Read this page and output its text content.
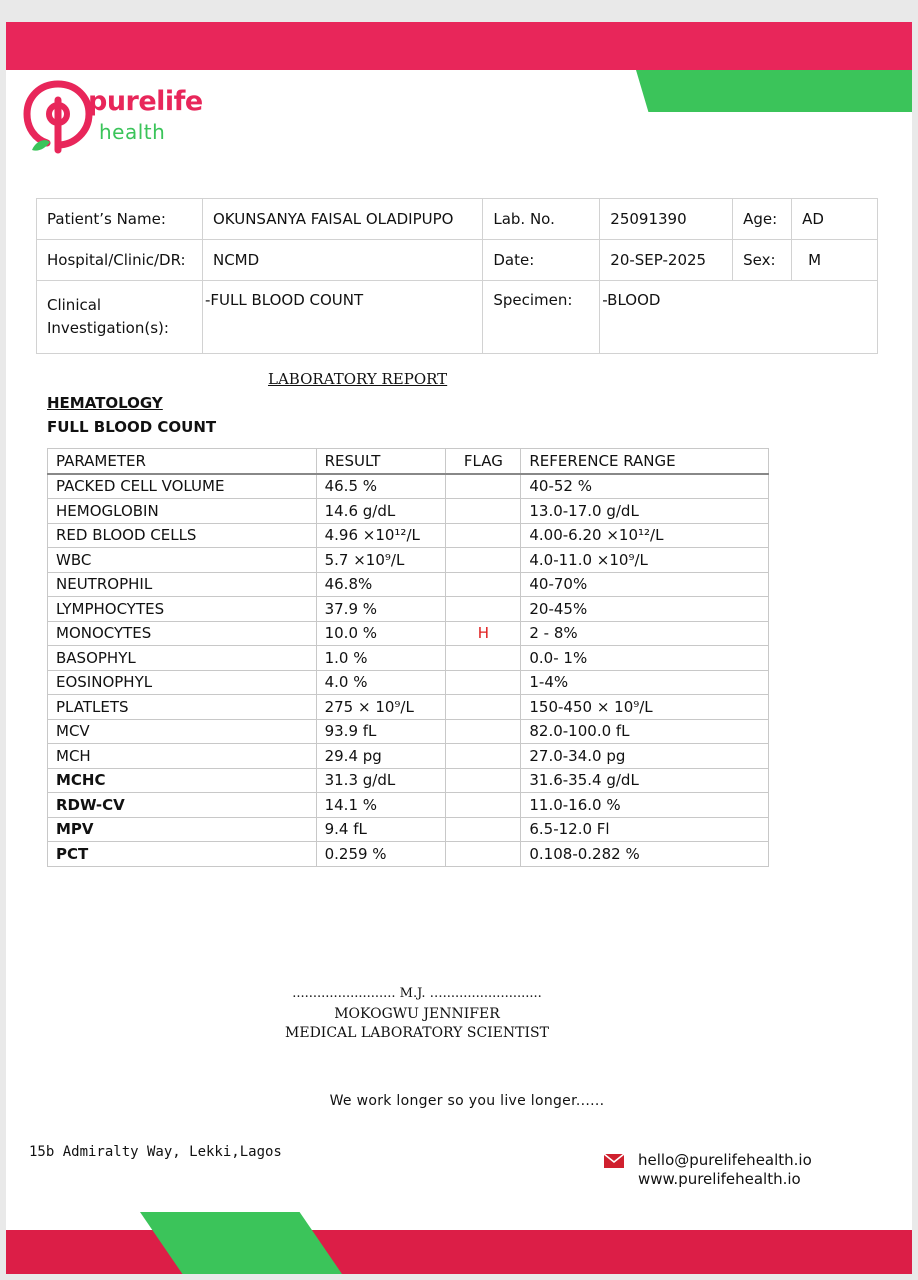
purelife
health
Patient’s Name:	OKUNSANYA FAISAL OLADIPUPO	Lab. No.	25091390	Age:	AD
Hospital/Clinic/DR:	NCMD	Date:	20-SEP-2025	Sex:	M
Clinical Investigation(s):	-FULL BLOOD COUNT	Specimen:	-BLOOD		
LABORATORY REPORT
HEMATOLOGY
FULL BLOOD COUNT
PARAMETER	RESULT	FLAG	REFERENCE RANGE
PACKED CELL VOLUME	46.5 %		40-52 %
HEMOGLOBIN	14.6 g/dL		13.0-17.0 g/dL
RED BLOOD CELLS	4.96 ×10¹²/L		4.00-6.20 ×10¹²/L
WBC	5.7 ×10⁹/L		4.0-11.0 ×10⁹/L
NEUTROPHIL	46.8%		40-70%
LYMPHOCYTES	37.9 %		20-45%
MONOCYTES	10.0 %	H	2 - 8%
BASOPHYL	1.0 %		0.0- 1%
EOSINOPHYL	4.0 %		1-4%
PLATLETS	275 × 10⁹/L		150-450 × 10⁹/L
MCV	93.9 fL		82.0-100.0 fL
MCH	29.4 pg		27.0-34.0 pg
MCHC	31.3 g/dL		31.6-35.4 g/dL
RDW-CV	14.1 %		11.0-16.0 %
MPV	9.4 fL		6.5-12.0 Fl
PCT	0.259 %		0.108-0.282 %
......................... M.J. …........................
MOKOGWU JENNIFER
MEDICAL LABORATORY SCIENTIST
We work longer so you live longer......
15b Admiralty Way, Lekki,Lagos	hello@purelifehealth.io
www.purelifehealth.io
